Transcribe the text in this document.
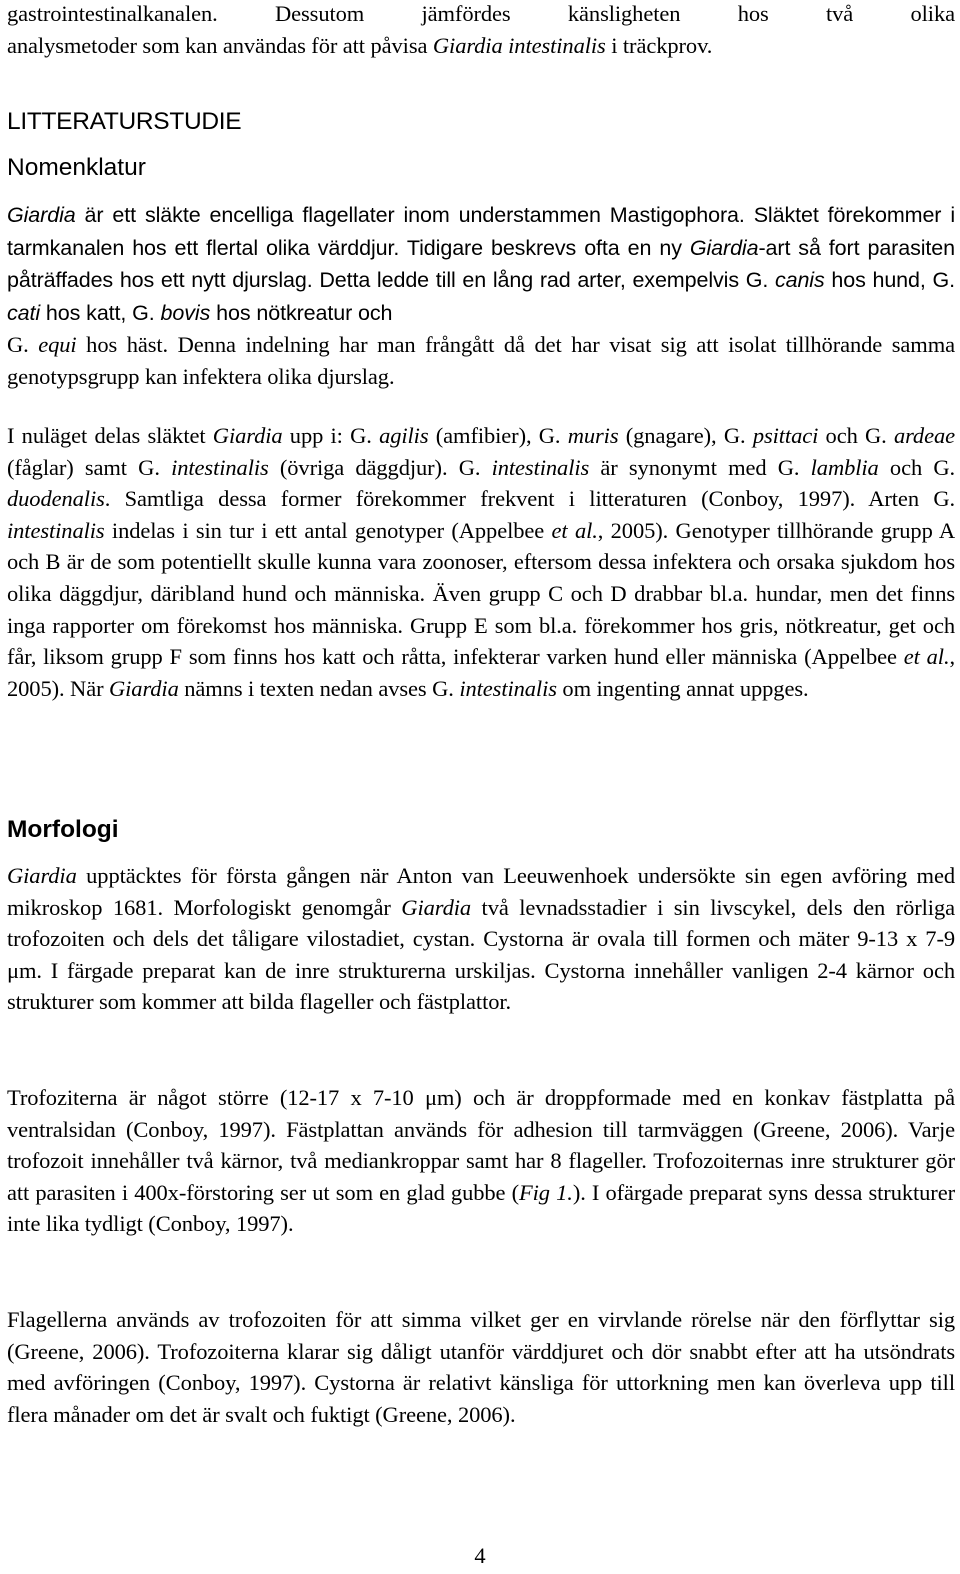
gastrointestinalkanalen. Dessutom jämfördes känsligheten hos två olika
analysmetoder som kan användas för att påvisa Giardia intestinalis i träckprov.

LITTERATURSTUDIE
Nomenklatur

Giardia är ett släkte encelliga flagellater inom understammen Mastigophora. Släktet förekommer i tarmkanalen hos ett flertal olika värddjur. Tidigare beskrevs ofta en ny Giardia-art så fort parasiten påträffades hos ett nytt djurslag. Detta ledde till en lång rad arter, exempelvis G. canis hos hund, G. cati hos katt, G. bovis hos nötkreatur och
G. equi hos häst. Denna indelning har man frångått då det har visat sig att isolat tillhörande samma genotypsgrupp kan infektera olika djurslag.

I nuläget delas släktet Giardia upp i: G. agilis (amfibier), G. muris (gnagare), G. psittaci och G. ardeae (fåglar) samt G. intestinalis (övriga däggdjur). G. intestinalis är synonymt med G. lamblia och G. duodenalis. Samtliga dessa former förekommer frekvent i litteraturen (Conboy, 1997). Arten G. intestinalis indelas i sin tur i ett antal genotyper (Appelbee et al., 2005). Genotyper tillhörande grupp A och B är de som potentiellt skulle kunna vara zoonoser, eftersom dessa infektera och orsaka sjukdom hos olika däggdjur, däribland hund och människa. Även grupp C och D drabbar bl.a. hundar, men det finns inga rapporter om förekomst hos människa. Grupp E som bl.a. förekommer hos gris, nötkreatur, get och får, liksom grupp F som finns hos katt och råtta, infekterar varken hund eller människa (Appelbee et al., 2005). När Giardia nämns i texten nedan avses G. intestinalis om ingenting annat uppges.

Morfologi

Giardia upptäcktes för första gången när Anton van Leeuwenhoek undersökte sin egen avföring med mikroskop 1681. Morfologiskt genomgår Giardia två levnadsstadier i sin livscykel, dels den rörliga trofozoiten och dels det tåligare vilostadiet, cystan. Cystorna är ovala till formen och mäter 9-13 x 7-9 μm. I färgade preparat kan de inre strukturerna urskiljas. Cystorna innehåller vanligen 2-4 kärnor och strukturer som kommer att bilda flageller och fästplattor.

Trofoziterna är något större (12-17 x 7-10 μm) och är droppformade med en konkav fästplatta på ventralsidan (Conboy, 1997). Fästplattan används för adhesion till tarmväggen (Greene, 2006). Varje trofozoit innehåller två kärnor, två mediankroppar samt har 8 flageller. Trofozoiternas inre strukturer gör att parasiten i 400x-förstoring ser ut som en glad gubbe (Fig 1.). I ofärgade preparat syns dessa strukturer inte lika tydligt (Conboy, 1997).

Flagellerna används av trofozoiten för att simma vilket ger en virvlande rörelse när den förflyttar sig (Greene, 2006). Trofozoiterna klarar sig dåligt utanför värddjuret och dör snabbt efter att ha utsöndrats med avföringen (Conboy, 1997). Cystorna är relativt känsliga för uttorkning men kan överleva upp till flera månader om det är svalt och fuktigt (Greene, 2006).

4
